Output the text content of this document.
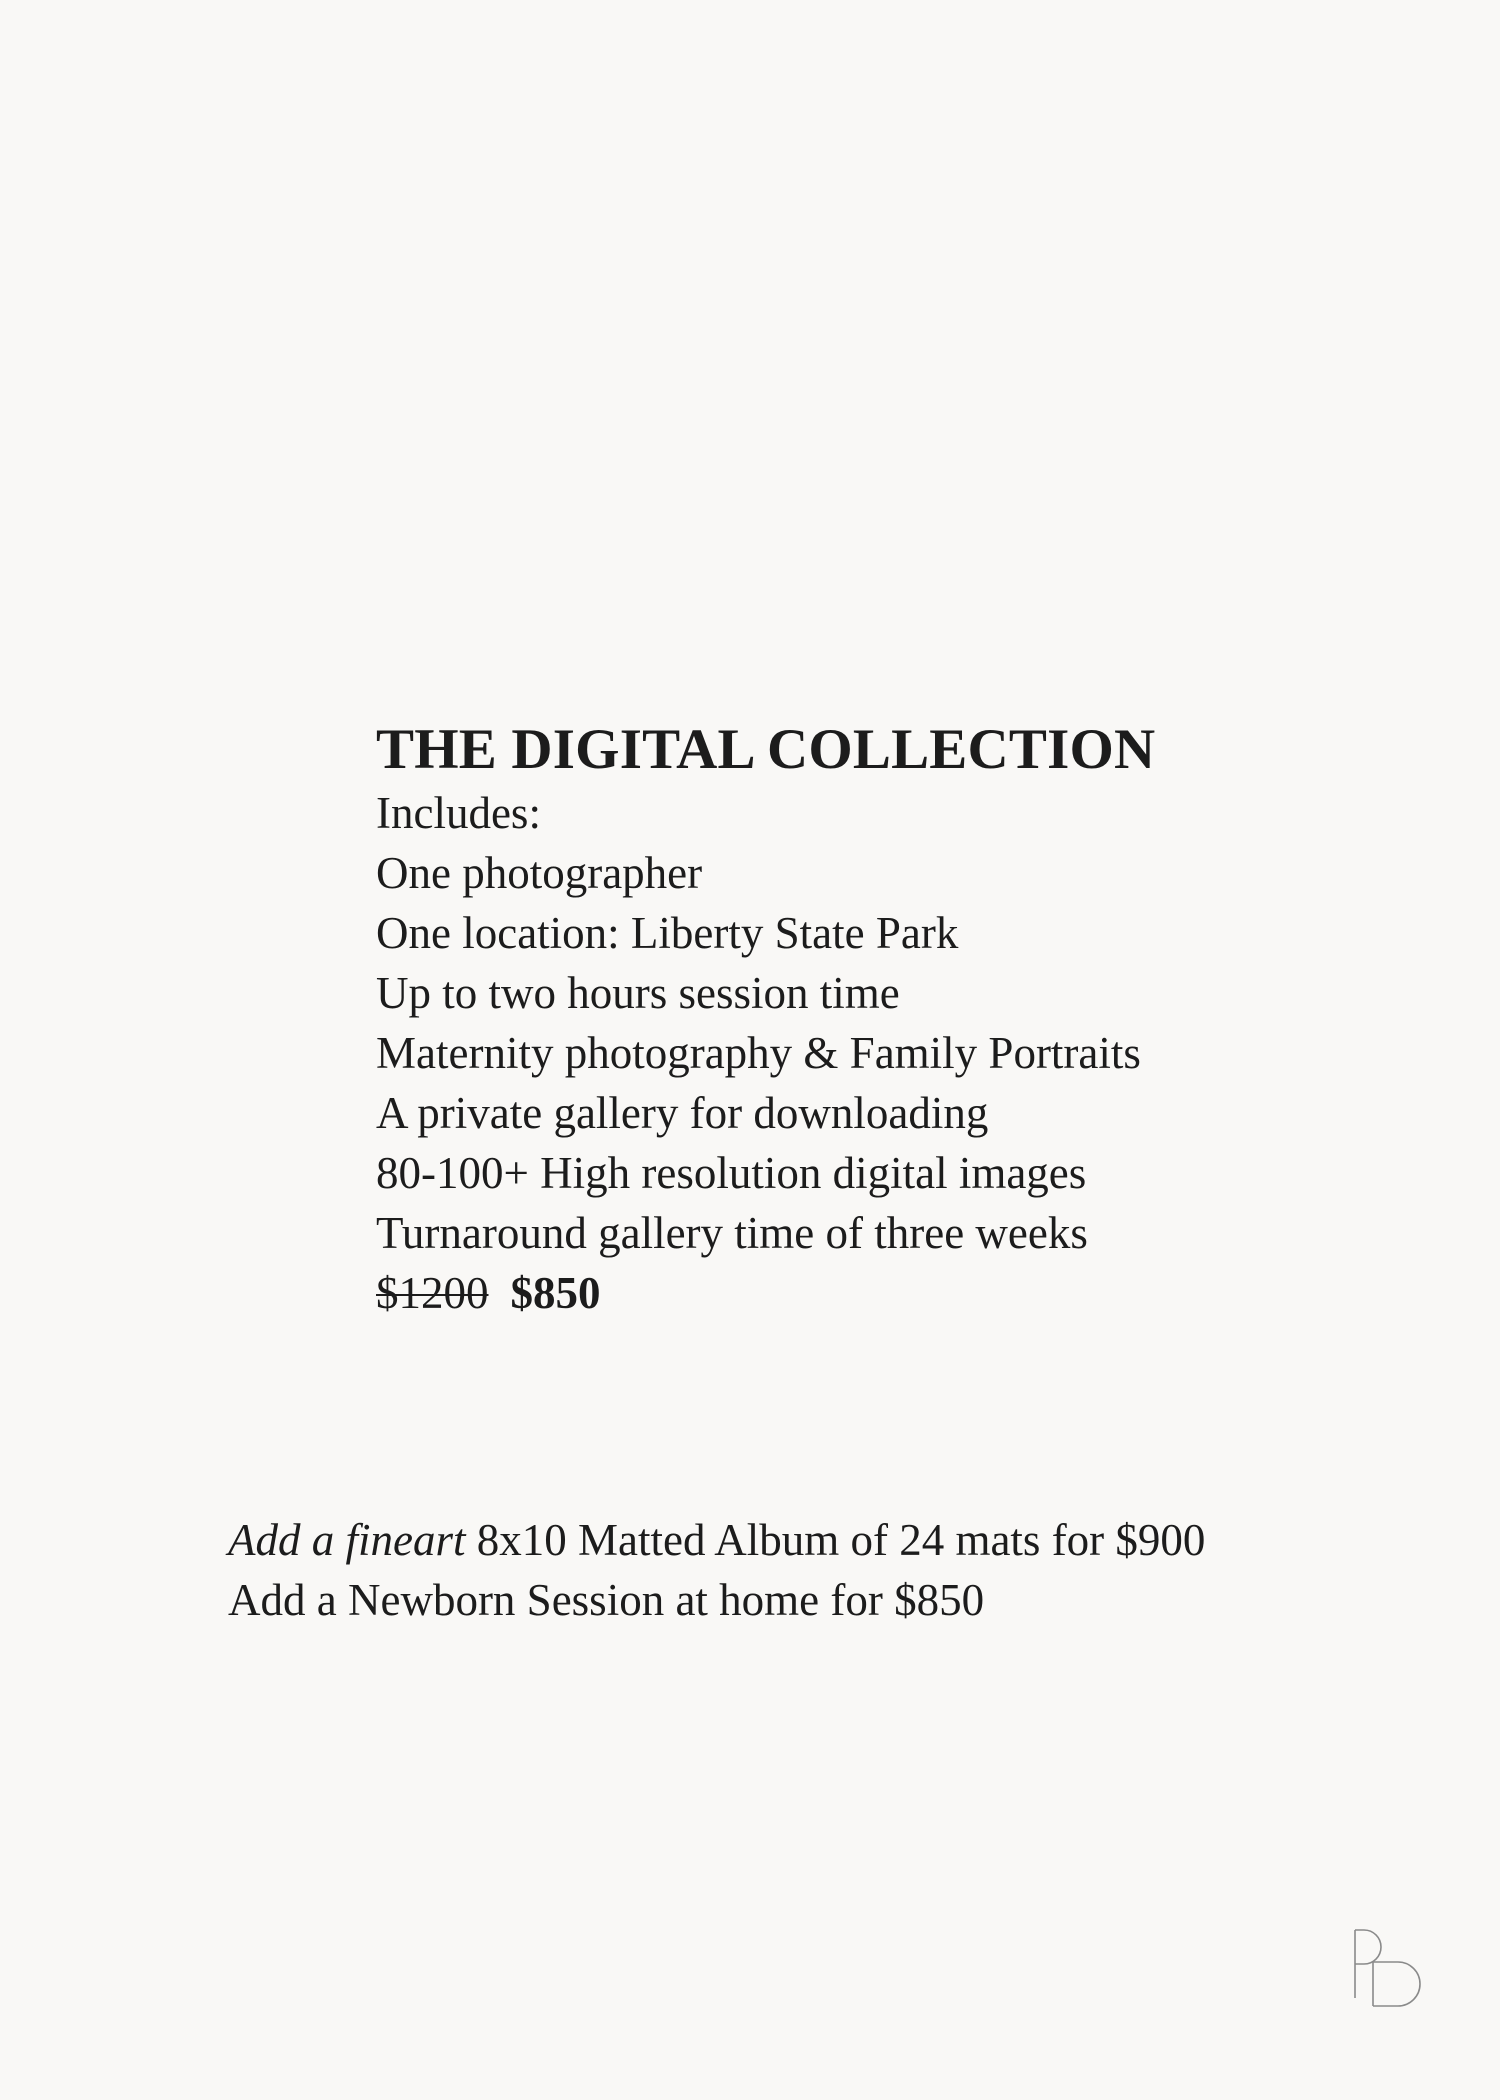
THE DIGITAL COLLECTION
Includes:
One photographer
One location: Liberty State Park
Up to two hours session time
Maternity photography & Family Portraits
A private gallery for downloading
80-100+ High resolution digital images
Turnaround gallery time of three weeks
$1200 $850
Add a fineart 8x10 Matted Album of 24 mats for $900
Add a Newborn Session at home for $850
